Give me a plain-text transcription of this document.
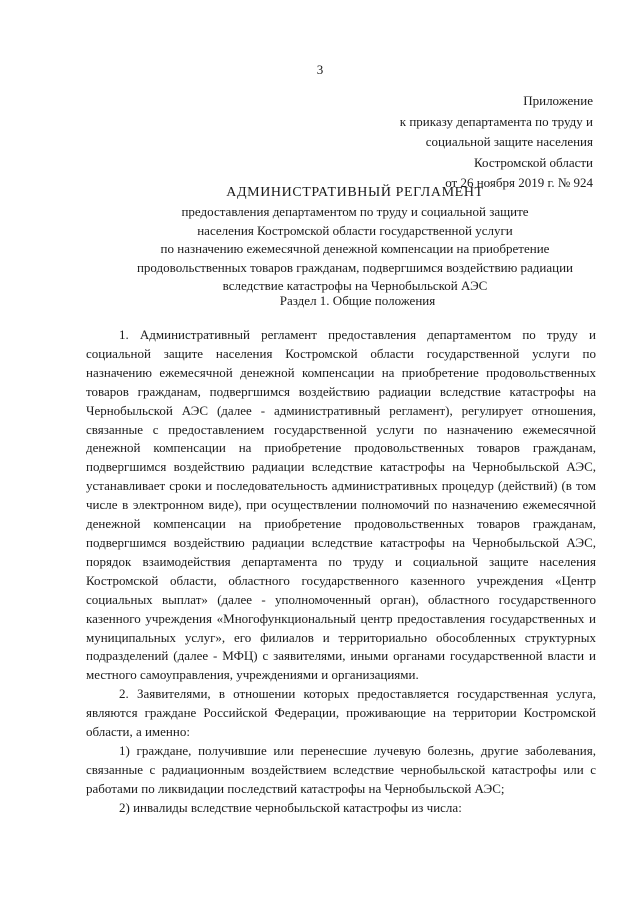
3
Приложение
к приказу департамента по труду и
социальной защите населения
Костромской области
от 26 ноября 2019 г. № 924
АДМИНИСТРАТИВНЫЙ РЕГЛАМЕНТ
предоставления департаментом по труду и социальной защите
населения Костромской области государственной услуги
по назначению ежемесячной денежной компенсации на приобретение
продовольственных товаров гражданам, подвергшимся воздействию радиации
вследствие катастрофы на Чернобыльской АЭС
Раздел 1. Общие положения

1. Административный регламент предоставления департаментом по труду и социальной защите населения Костромской области государственной услуги по назначению ежемесячной денежной компенсации на приобретение продовольственных товаров гражданам, подвергшимся воздействию радиации вследствие катастрофы на Чернобыльской АЭС (далее - административный регламент), регулирует отношения, связанные с предоставлением государственной услуги по назначению ежемесячной денежной компенсации на приобретение продовольственных товаров гражданам, подвергшимся воздействию радиации вследствие катастрофы на Чернобыльской АЭС, устанавливает сроки и последовательность административных процедур (действий) (в том числе в электронном виде), при осуществлении полномочий по назначению ежемесячной денежной компенсации на приобретение продовольственных товаров гражданам, подвергшимся воздействию радиации вследствие катастрофы на Чернобыльской АЭС, порядок взаимодействия департамента по труду и социальной защите населения Костромской области, областного государственного казенного учреждения «Центр социальных выплат» (далее - уполномоченный орган), областного государственного казенного учреждения «Многофункциональный центр предоставления государственных и муниципальных услуг», его филиалов и территориально обособленных структурных подразделений (далее - МФЦ) с заявителями, иными органами государственной власти и местного самоуправления, учреждениями и организациями.

2. Заявителями, в отношении которых предоставляется государственная услуга, являются граждане Российской Федерации, проживающие на территории Костромской области, а именно:

1) граждане, получившие или перенесшие лучевую болезнь, другие заболевания, связанные с радиационным воздействием вследствие чернобыльской катастрофы или с работами по ликвидации последствий катастрофы на Чернобыльской АЭС;

2) инвалиды вследствие чернобыльской катастрофы из числа:
